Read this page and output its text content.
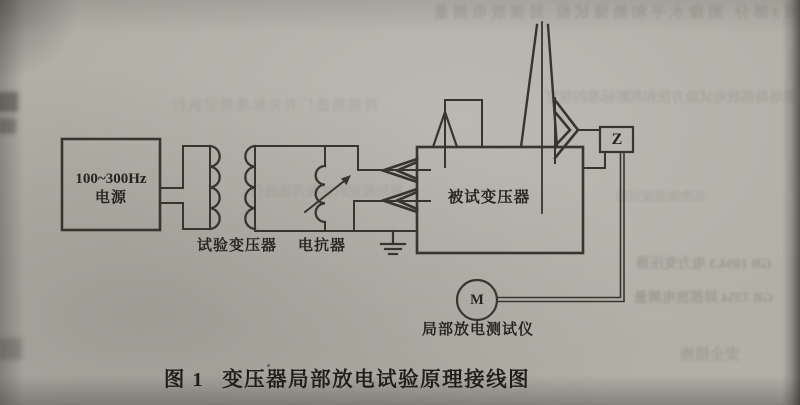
第3部分 绝缘水平和绝缘试验 局部放电测量
现场局部放电试验方法和判断标准的规定
按照制造厂有关标准规定执行
规程规定的试验方法进行	其绝缘强度试验
GB 1094.3 电力变压器
GB 7354 局部放电测量
安全措施
100~300Hz
电源
试验变压器 电抗器
被试变压器
Z
M
局部放电测试仪
图 1 变压器局部放电试验原理接线图
